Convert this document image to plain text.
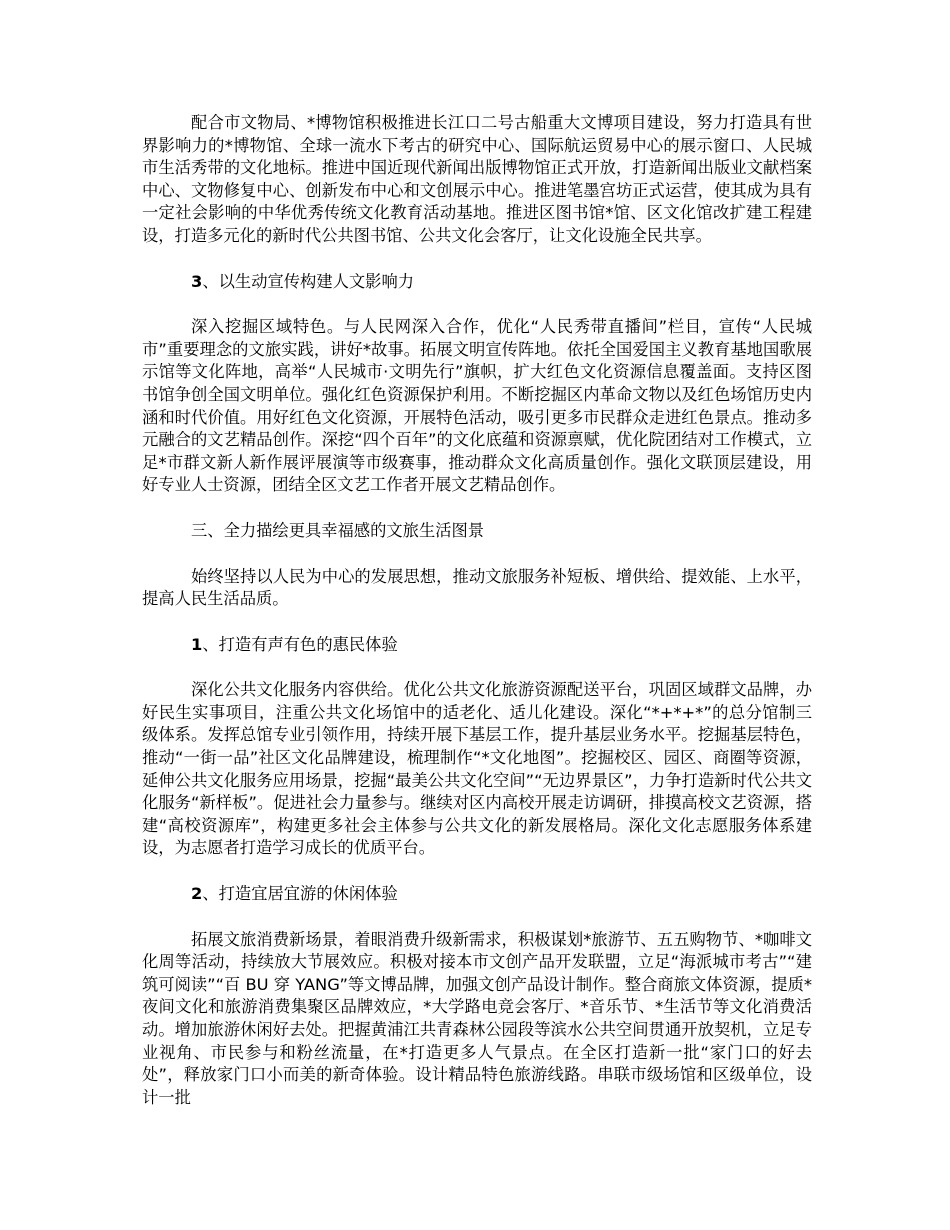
配合市文物局、*博物馆积极推进长江口二号古船重大文博项目建设，努力打造具有世界影响力的*博物馆、全球一流水下考古的研究中心、国际航运贸易中心的展示窗口、人民城市生活秀带的文化地标。推进中国近现代新闻出版博物馆正式开放，打造新闻出版业文献档案中心、文物修复中心、创新发布中心和文创展示中心。推进笔墨宫坊正式运营，使其成为具有一定社会影响的中华优秀传统文化教育活动基地。推进区图书馆*馆、区文化馆改扩建工程建设，打造多元化的新时代公共图书馆、公共文化会客厅，让文化设施全民共享。

3、以生动宣传构建人文影响力

深入挖掘区域特色。与人民网深入合作，优化“人民秀带直播间”栏目，宣传“人民城市”重要理念的文旅实践，讲好*故事。拓展文明宣传阵地。依托全国爱国主义教育基地国歌展示馆等文化阵地，高举“人民城市·文明先行”旗帜，扩大红色文化资源信息覆盖面。支持区图书馆争创全国文明单位。强化红色资源保护利用。不断挖掘区内革命文物以及红色场馆历史内涵和时代价值。用好红色文化资源，开展特色活动，吸引更多市民群众走进红色景点。推动多元融合的文艺精品创作。深挖“四个百年”的文化底蕴和资源禀赋，优化院团结对工作模式，立足*市群文新人新作展评展演等市级赛事，推动群众文化高质量创作。强化文联顶层建设，用好专业人士资源，团结全区文艺工作者开展文艺精品创作。

三、全力描绘更具幸福感的文旅生活图景

始终坚持以人民为中心的发展思想，推动文旅服务补短板、增供给、提效能、上水平，提高人民生活品质。

1、打造有声有色的惠民体验

深化公共文化服务内容供给。优化公共文化旅游资源配送平台，巩固区域群文品牌，办好民生实事项目，注重公共文化场馆中的适老化、适儿化建设。深化“*+*+*”的总分馆制三级体系。发挥总馆专业引领作用，持续开展下基层工作，提升基层业务水平。挖掘基层特色，推动“一街一品”社区文化品牌建设，梳理制作“*文化地图”。挖掘校区、园区、商圈等资源，延伸公共文化服务应用场景，挖掘“最美公共文化空间”“无边界景区”，力争打造新时代公共文化服务“新样板”。促进社会力量参与。继续对区内高校开展走访调研，排摸高校文艺资源，搭建“高校资源库”，构建更多社会主体参与公共文化的新发展格局。深化文化志愿服务体系建设，为志愿者打造学习成长的优质平台。

2、打造宜居宜游的休闲体验

拓展文旅消费新场景，着眼消费升级新需求，积极谋划*旅游节、五五购物节、*咖啡文化周等活动，持续放大节展效应。积极对接本市文创产品开发联盟，立足“海派城市考古”“建筑可阅读”“百 BU 穿 YANG”等文博品牌，加强文创产品设计制作。整合商旅文体资源，提质*夜间文化和旅游消费集聚区品牌效应，*大学路电竞会客厅、*音乐节、*生活节等文化消费活动。增加旅游休闲好去处。把握黄浦江共青森林公园段等滨水公共空间贯通开放契机，立足专业视角、市民参与和粉丝流量，在*打造更多人气景点。在全区打造新一批“家门口的好去处”，释放家门口小而美的新奇体验。设计精品特色旅游线路。串联市级场馆和区级单位，设计一批
